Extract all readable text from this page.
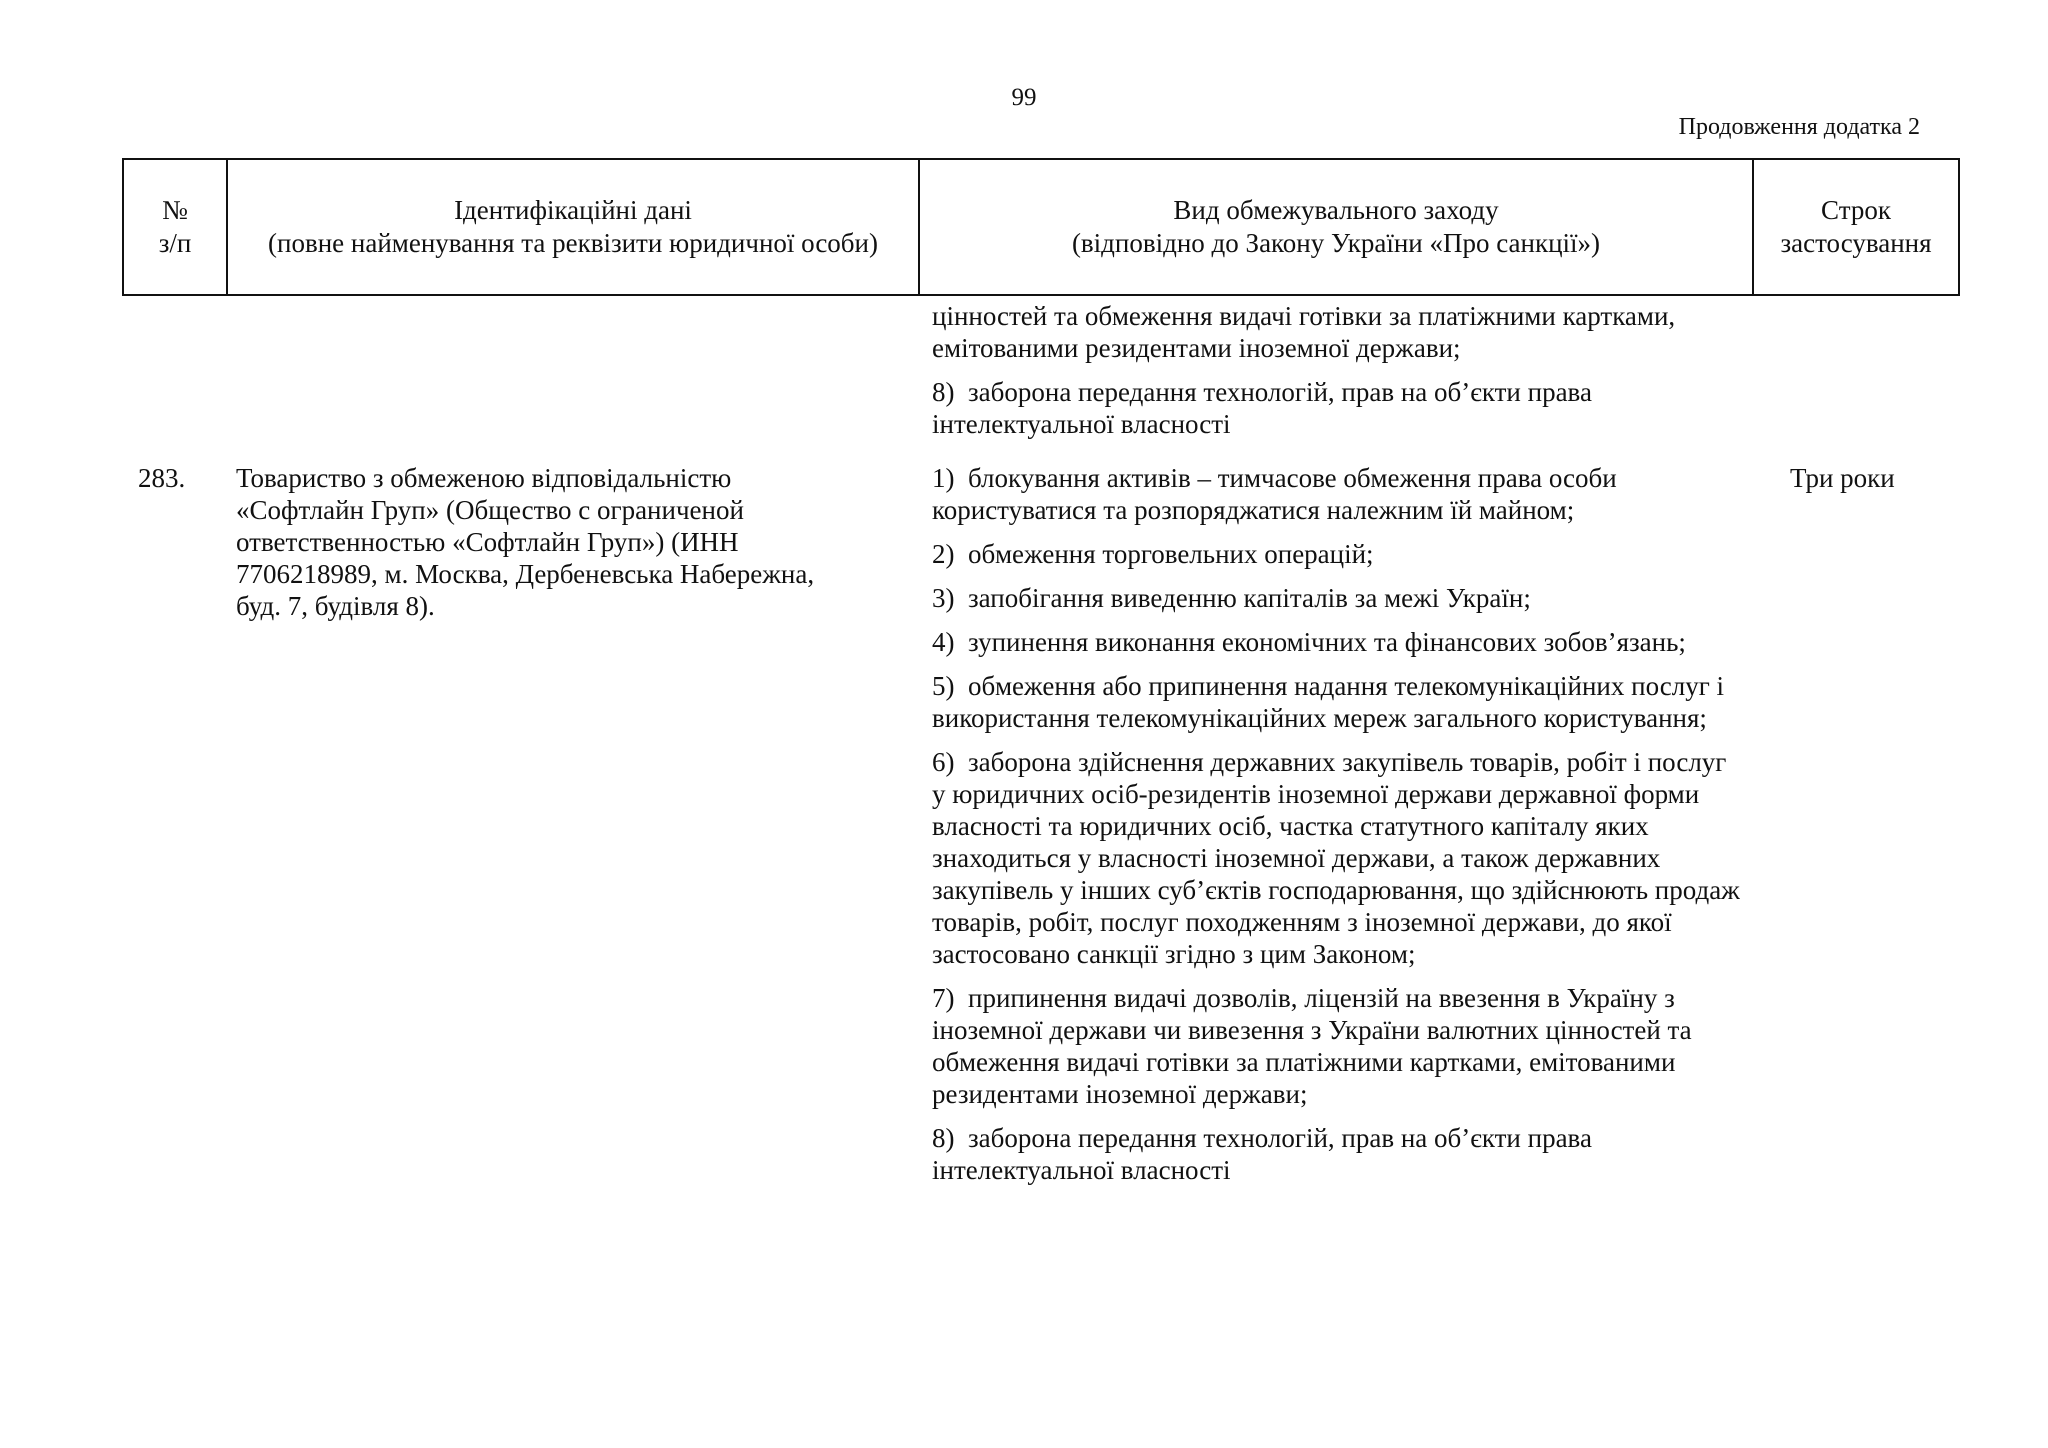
99
Продовження додатка 2
№
з/п
Ідентифікаційні дані
(повне найменування та реквізити юридичної особи)
Вид обмежувального заходу
(відповідно до Закону України «Про санкції»)
Строк
застосування

цінностей та обмеження видачі готівки за платіжними картками, емітованими резидентами іноземної держави;

8)  заборона передання технологій, прав на об’єкти права інтелектуальної власності

283. Товариство з обмеженою відповідальністю «Софтлайн Груп» (Общество с ограниченой ответственностью «Софтлайн Груп») (ИНН 7706218989, м. Москва, Дербеневська Набережна, буд. 7, будівля 8).
Три роки

1)  блокування активів – тимчасове обмеження права особи користуватися та розпоряджатися належним їй майном;

2)  обмеження торговельних операцій;

3)  запобігання виведенню капіталів за межі Україн;

4)  зупинення виконання економічних та фінансових зобов’язань;

5)  обмеження або припинення надання телекомунікаційних послуг і використання телекомунікаційних мереж загального користування;

6)  заборона здійснення державних закупівель товарів, робіт і послуг у юридичних осіб-резидентів іноземної держави державної форми власності та юридичних осіб, частка статутного капіталу яких знаходиться у власності іноземної держави, а також державних закупівель у інших суб’єктів господарювання, що здійснюють продаж товарів, робіт, послуг походженням з іноземної держави, до якої застосовано санкції згідно з цим Законом;

7)  припинення видачі дозволів, ліцензій на ввезення в Україну з іноземної держави чи вивезення з України валютних цінностей та обмеження видачі готівки за платіжними картками, емітованими резидентами іноземної держави;

8)  заборона передання технологій, прав на об’єкти права інтелектуальної власності
